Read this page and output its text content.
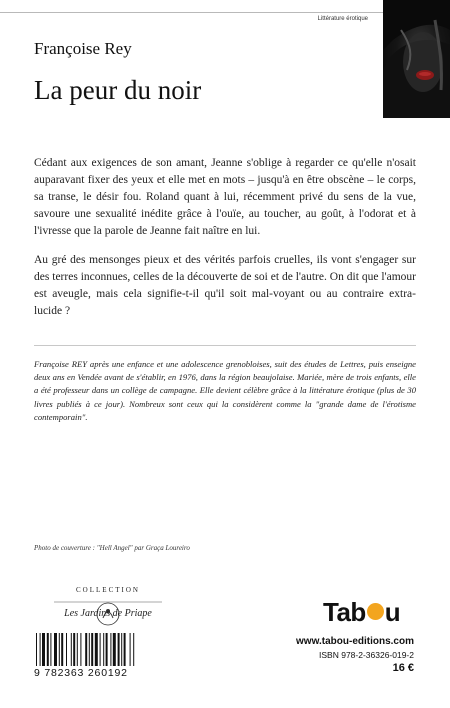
Littérature érotique
Françoise Rey
La peur du noir

Cédant aux exigences de son amant, Jeanne s'oblige à regarder ce qu'elle n'osait auparavant fixer des yeux et elle met en mots – jusqu'à en être obscène – le corps, sa transe, le désir fou. Roland quant à lui, récemment privé du sens de la vue, savoure une sexualité inédite grâce à l'ouïe, au toucher, au goût, à l'odorat et à l'ivresse que la parole de Jeanne fait naître en lui.

Au gré des mensonges pieux et des vérités parfois cruelles, ils vont s'engager sur des terres inconnues, celles de la découverte de soi et de l'autre. On dit que l'amour est aveugle, mais cela signifie-t-il qu'il soit mal-voyant ou au contraire extra-lucide ?

Françoise REY après une enfance et une adolescence grenobloises, suit des études de Lettres, puis enseigne deux ans en Vendée avant de s'établir, en 1976, dans la région beaujolaise. Mariée, mère de trois enfants, elle a été professeur dans un collège de campagne. Elle devient célèbre grâce à la littérature érotique (plus de 30 livres publiés à ce jour). Nombreux sont ceux qui la considèrent comme la "grande dame de l'érotisme contemporain".

Photo de couverture : "Hell Angel" par Graça Loureiro

COLLECTION
Les Jardins de Priape	Tab u
www.tabou-editions.com
ISBN 978-2-36326-019-2
16 €
9 782363 260192
